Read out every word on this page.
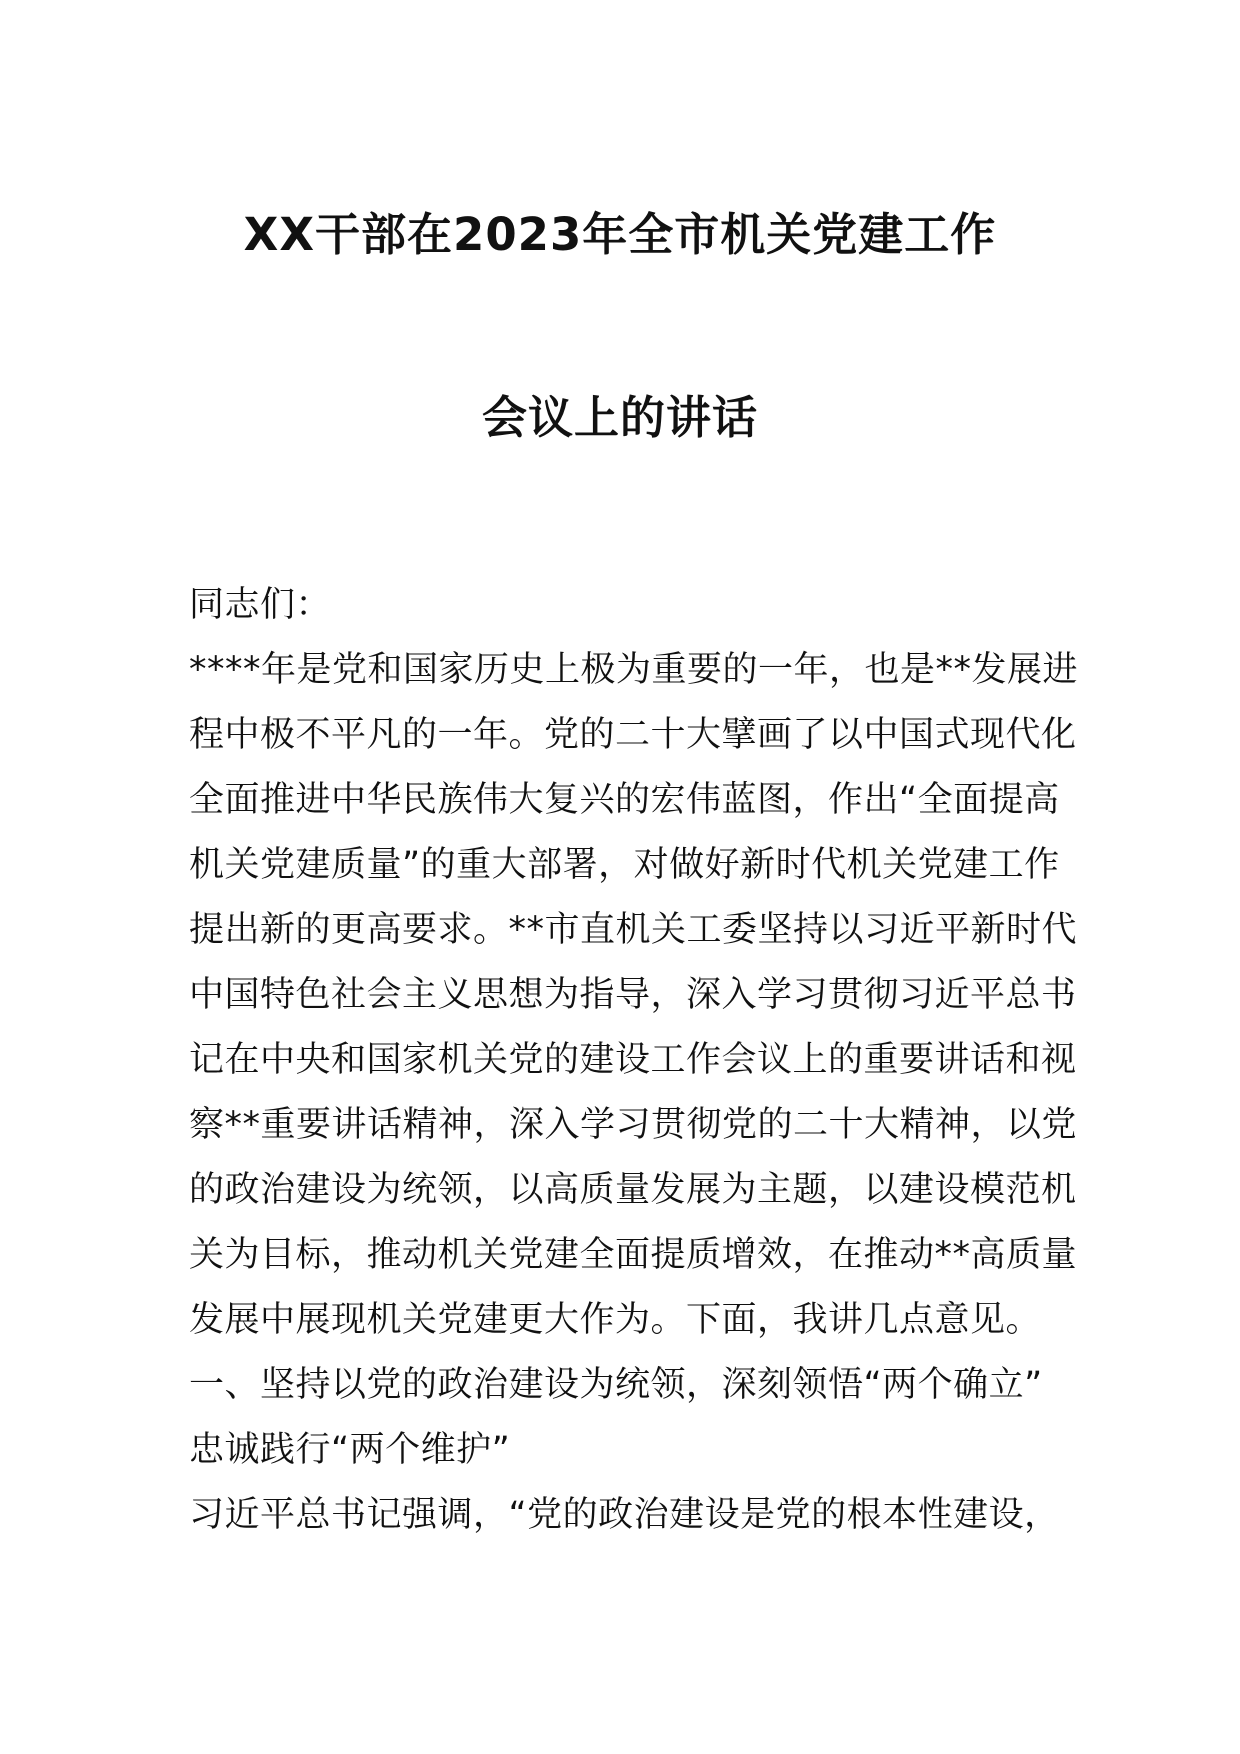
XX干部在2023年全市机关党建工作
会议上的讲话
同志们：
****年是党和国家历史上极为重要的一年，也是**发展进
程中极不平凡的一年。党的二十大擘画了以中国式现代化
全面推进中华民族伟大复兴的宏伟蓝图，作出“全面提高
机关党建质量”的重大部署，对做好新时代机关党建工作
提出新的更高要求。**市直机关工委坚持以习近平新时代
中国特色社会主义思想为指导，深入学习贯彻习近平总书
记在中央和国家机关党的建设工作会议上的重要讲话和视
察**重要讲话精神，深入学习贯彻党的二十大精神，以党
的政治建设为统领，以高质量发展为主题，以建设模范机
关为目标，推动机关党建全面提质增效，在推动**高质量
发展中展现机关党建更大作为。下面，我讲几点意见。
一、坚持以党的政治建设为统领，深刻领悟“两个确立”
忠诚践行“两个维护”
习近平总书记强调，“党的政治建设是党的根本性建设，
